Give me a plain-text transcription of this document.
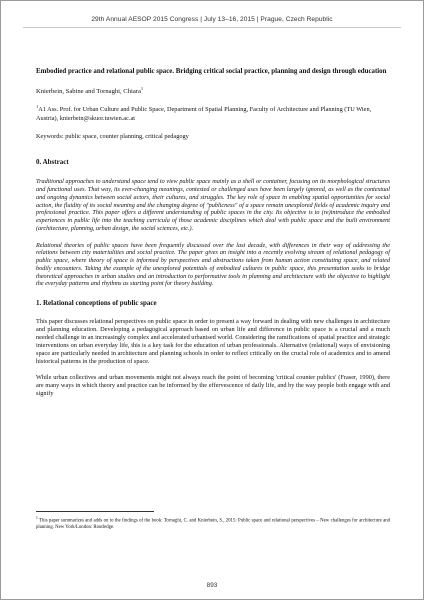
29th Annual AESOP 2015 Congress | July 13–16, 2015 | Prague, Czech Republic

Embodied practice and relational public space. Bridging critical social practice, planning and design through education

Knierbein, Sabine and Tornaghi, Chiara$^1$
$^1$A1 Ass. Prof. for Urban Culture and Public Space, Department of Spatial Planning, Faculty of Architecture and Planning (TU Wien, Austria), knierbein@skuor.tuwien.ac.at
Keywords: public space, counter planning, critical pedagogy
0. Abstract
Traditional approaches to understand space tend to view public space mainly as a shell or container, focusing on its morphological structures and functional uses. That way, its ever-changing meanings, contested or challenged uses have been largely ignored, as well as the contextual and ongoing dynamics between social actors, their cultures, and struggles. The key role of space in enabling spatial opportunities for social action, the fluidity of its social meaning and the changing degree of "publicness" of a space remain unexplored fields of academic inquiry and professional practice. This paper offers a different understanding of public spaces in the city. Its objective is to (re)introduce the embodied experiences in public life into the teaching curricula of those academic disciplines which deal with public space and the built environment (architecture, planning, urban design, the social sciences, etc.).
Relational theories of public spaces have been frequently discussed over the last decade, with differences in their way of addressing the relations between city materialities and social practice. The paper gives an insight into a recently evolving stream of relational pedagogy of public space, where theory of space is informed by perspectives and abstractions taken from human action constituting space, and related bodily encounters. Taking the example of the unexplored potentials of embodied cultures in public space, this presentation seeks to bridge theoretical approaches in urban studies and an introduction to performative tools in planning and architecture with the objective to highlight the everyday patterns and rhythms as starting point for theory building.
1. Relational conceptions of public space
This paper discusses relational perspectives on public space in order to present a way forward in dealing with new challenges in architecture and planning education. Developing a pedagogical approach based on urban life and difference in public space is a crucial and a much needed challenge in an increasingly complex and accelerated urbanised world. Considering the ramifications of spatial practice and strategic interventions on urban everyday life, this is a key task for the education of urban professionals. Alternative (relational) ways of envisioning space are particularly needed in architecture and planning schools in order to reflect critically on the crucial role of academics and to amend historical patterns in the production of space.
While urban collectives and urban movements might not always reach the point of becoming 'critical counter publics' (Fraser, 1990), there are many ways in which theory and practice can be informed by the effervescence of daily life, and by the way people both engage with and signify
$^1$ This paper summarizes and adds on to the findings of the book: Tornaghi, C. and Knierbein, S., 2015: Public space and relational perspectives – New challenges for architecture and planning. New York/London: Routledge.
893
